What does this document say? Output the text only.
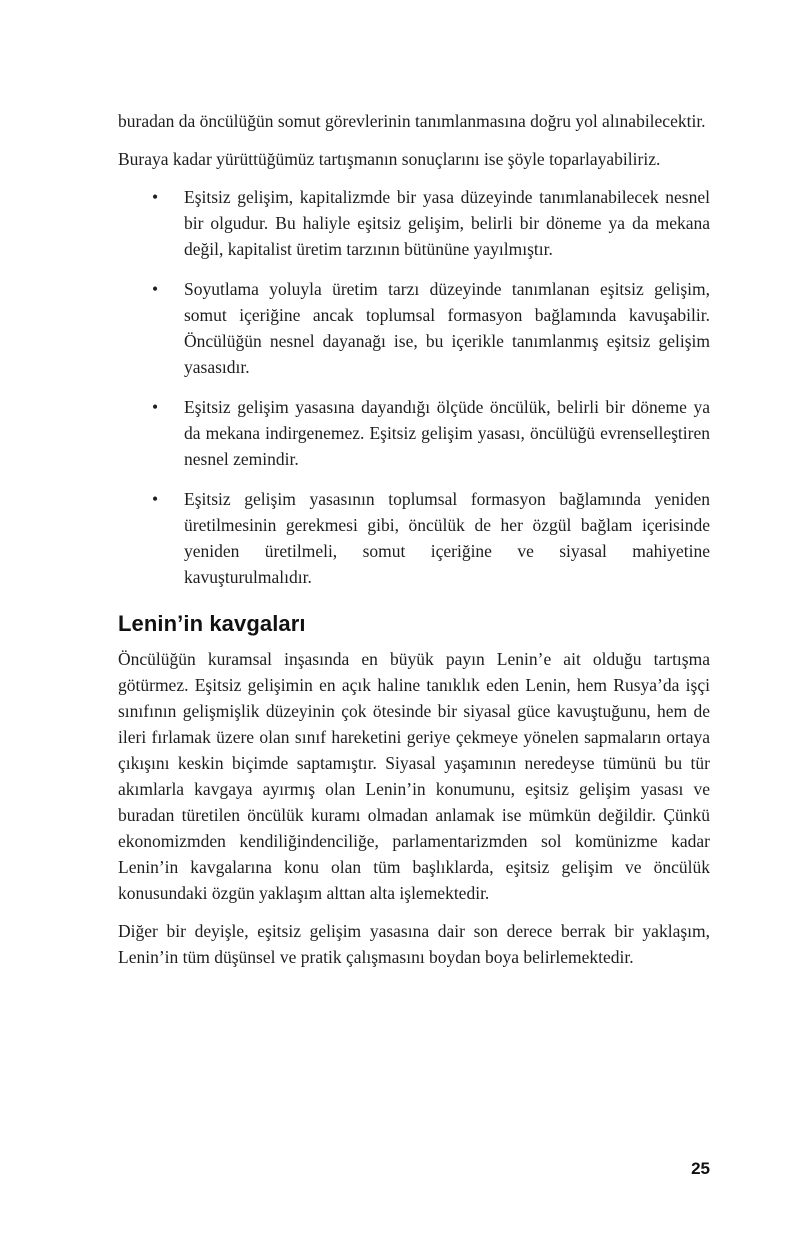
buradan da öncülüğün somut görevlerinin tanımlanmasına doğru yol alınabilecektir.

Buraya kadar yürüttüğümüz tartışmanın sonuçlarını ise şöyle toparlayabiliriz.

•	Eşitsiz gelişim, kapitalizmde bir yasa düzeyinde tanımlanabilecek nesnel bir olgudur. Bu haliyle eşitsiz gelişim, belirli bir döneme ya da mekana değil, kapitalist üretim tarzının bütününe yayılmıştır.

•	Soyutlama yoluyla üretim tarzı düzeyinde tanımlanan eşitsiz gelişim, somut içeriğine ancak toplumsal formasyon bağlamında kavuşabilir. Öncülüğün nesnel dayanağı ise, bu içerikle tanımlanmış eşitsiz gelişim yasasıdır.

•	Eşitsiz gelişim yasasına dayandığı ölçüde öncülük, belirli bir döneme ya da mekana indirgenemez. Eşitsiz gelişim yasası, öncülüğü evrenselleştiren nesnel zemindir.

•	Eşitsiz gelişim yasasının toplumsal formasyon bağlamında yeniden üretilmesinin gerekmesi gibi, öncülük de her özgül bağlam içerisinde yeniden üretilmeli, somut içeriğine ve siyasal mahiyetine kavuşturulmalıdır.

Lenin’in kavgaları

Öncülüğün kuramsal inşasında en büyük payın Lenin’e ait olduğu tartışma götürmez. Eşitsiz gelişimin en açık haline tanıklık eden Lenin, hem Rusya’da işçi sınıfının gelişmişlik düzeyinin çok ötesinde bir siyasal güce kavuştuğunu, hem de ileri fırlamak üzere olan sınıf hareketini geriye çekmeye yönelen sapmaların ortaya çıkışını keskin biçimde saptamıştır. Siyasal yaşamının neredeyse tümünü bu tür akımlarla kavgaya ayırmış olan Lenin’in konumunu, eşitsiz gelişim yasası ve buradan türetilen öncülük kuramı olmadan anlamak ise mümkün değildir. Çünkü ekonomizmden kendiliğindenciliğe, parlamentarizmden sol komünizme kadar Lenin’in kavgalarına konu olan tüm başlıklarda, eşitsiz gelişim ve öncülük konusundaki özgün yaklaşım alttan alta işlemektedir.

Diğer bir deyişle, eşitsiz gelişim yasasına dair son derece berrak bir yaklaşım, Lenin’in tüm düşünsel ve pratik çalışmasını boydan boya belirlemektedir.

25
